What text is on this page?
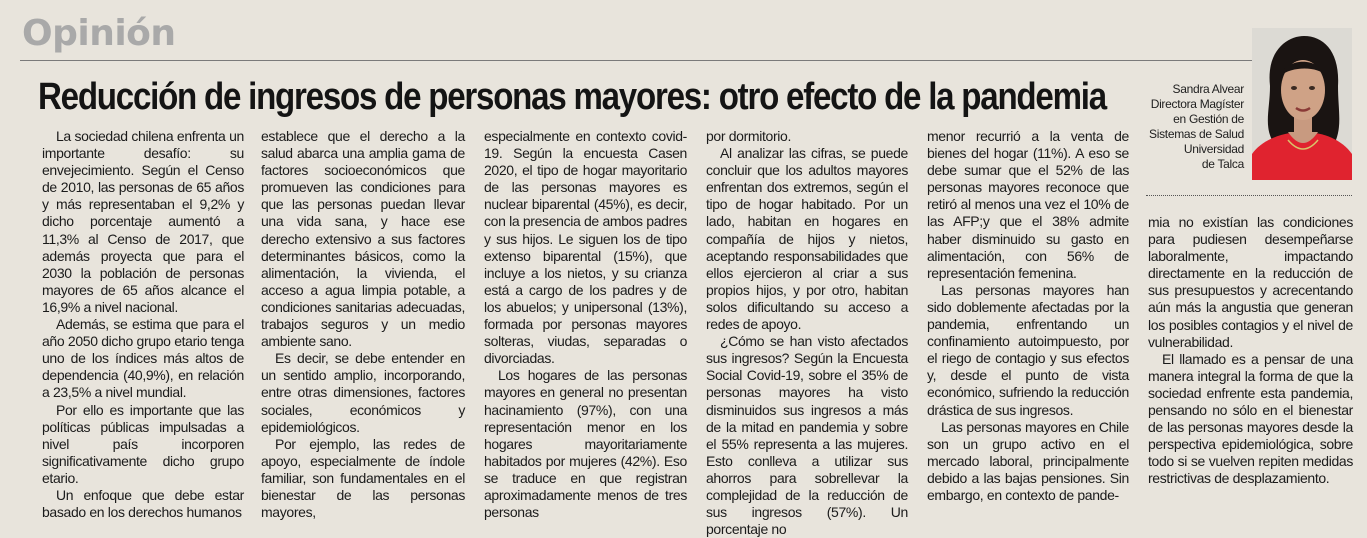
Opinión
Reducción de ingresos de personas mayores: otro efecto de la pandemia	Sandra Alvear
Directora Magíster
en Gestión de
Sistemas de Salud
Universidad
de Talca

La sociedad chilena enfrenta un importante desafío: su envejecimiento. Según el Censo de 2010, las personas de 65 años y más representaban el 9,2% y dicho porcentaje aumentó a 11,3% al Censo de 2017, que además proyecta que para el 2030 la población de personas mayores de 65 años alcance el 16,9% a nivel nacional.

Además, se estima que para el año 2050 dicho grupo etario tenga uno de los índices más altos de dependencia (40,9%), en relación a 23,5% a nivel mundial.

Por ello es importante que las políticas públicas impulsadas a nivel país incorporen significativamente dicho grupo etario.

Un enfoque que debe estar basado en los derechos humanos

establece que el derecho a la salud abarca una amplia gama de factores socioeconómicos que promueven las condiciones para que las personas puedan llevar una vida sana, y hace ese derecho extensivo a sus factores determinantes básicos, como la alimentación, la vivienda, el acceso a agua limpia potable, a condiciones sanitarias adecuadas, trabajos seguros y un medio ambiente sano.

Es decir, se debe entender en un sentido amplio, incorporando, entre otras dimensiones, factores sociales, económicos y epidemiológicos.

Por ejemplo, las redes de apoyo, especialmente de índole familiar, son fundamentales en el bienestar de las personas mayores,

especialmente en contexto covid-19. Según la encuesta Casen 2020, el tipo de hogar mayoritario de las personas mayores es nuclear biparental (45%), es decir, con la presencia de ambos padres y sus hijos. Le siguen los de tipo extenso biparental (15%), que incluye a los nietos, y su crianza está a cargo de los padres y de los abuelos; y unipersonal (13%), formada por personas mayores solteras, viudas, separadas o divorciadas.

Los hogares de las personas mayores en general no presentan hacinamiento (97%), con una representación menor en los hogares mayoritariamente habitados por mujeres (42%). Eso se traduce en que registran aproximadamente menos de tres personas

por dormitorio.

Al analizar las cifras, se puede concluir que los adultos mayores enfrentan dos extremos, según el tipo de hogar habitado. Por un lado, habitan en hogares en compañía de hijos y nietos, aceptando responsabilidades que ellos ejercieron al criar a sus propios hijos, y por otro, habitan solos dificultando su acceso a redes de apoyo.

¿Cómo se han visto afectados sus ingresos? Según la Encuesta Social Covid-19, sobre el 35% de personas mayores ha visto disminuidos sus ingresos a más de la mitad en pandemia y sobre el 55% representa a las mujeres. Esto conlleva a utilizar sus ahorros para sobrellevar la complejidad de la reducción de sus ingresos (57%). Un porcentaje no

menor recurrió a la venta de bienes del hogar (11%). A eso se debe sumar que el 52% de las personas mayores reconoce que retiró al menos una vez el 10% de las AFP;y que el 38% admite haber disminuido su gasto en alimentación, con 56% de representación femenina.

Las personas mayores han sido doblemente afectadas por la pandemia, enfrentando un confinamiento autoimpuesto, por el riego de contagio y sus efectos y, desde el punto de vista económico, sufriendo la reducción drástica de sus ingresos.

Las personas mayores en Chile son un grupo activo en el mercado laboral, principalmente debido a las bajas pensiones. Sin embargo, en contexto de pande-

mia no existían las condiciones para pudiesen desempeñarse laboralmente, impactando directamente en la reducción de sus presupuestos y acrecentando aún más la angustia que generan los posibles contagios y el nivel de vulnerabilidad.

El llamado es a pensar de una manera integral la forma de que la sociedad enfrente esta pandemia, pensando no sólo en el bienestar de las personas mayores desde la perspectiva epidemiológica, sobre todo si se vuelven repiten medidas restrictivas de desplazamiento.
